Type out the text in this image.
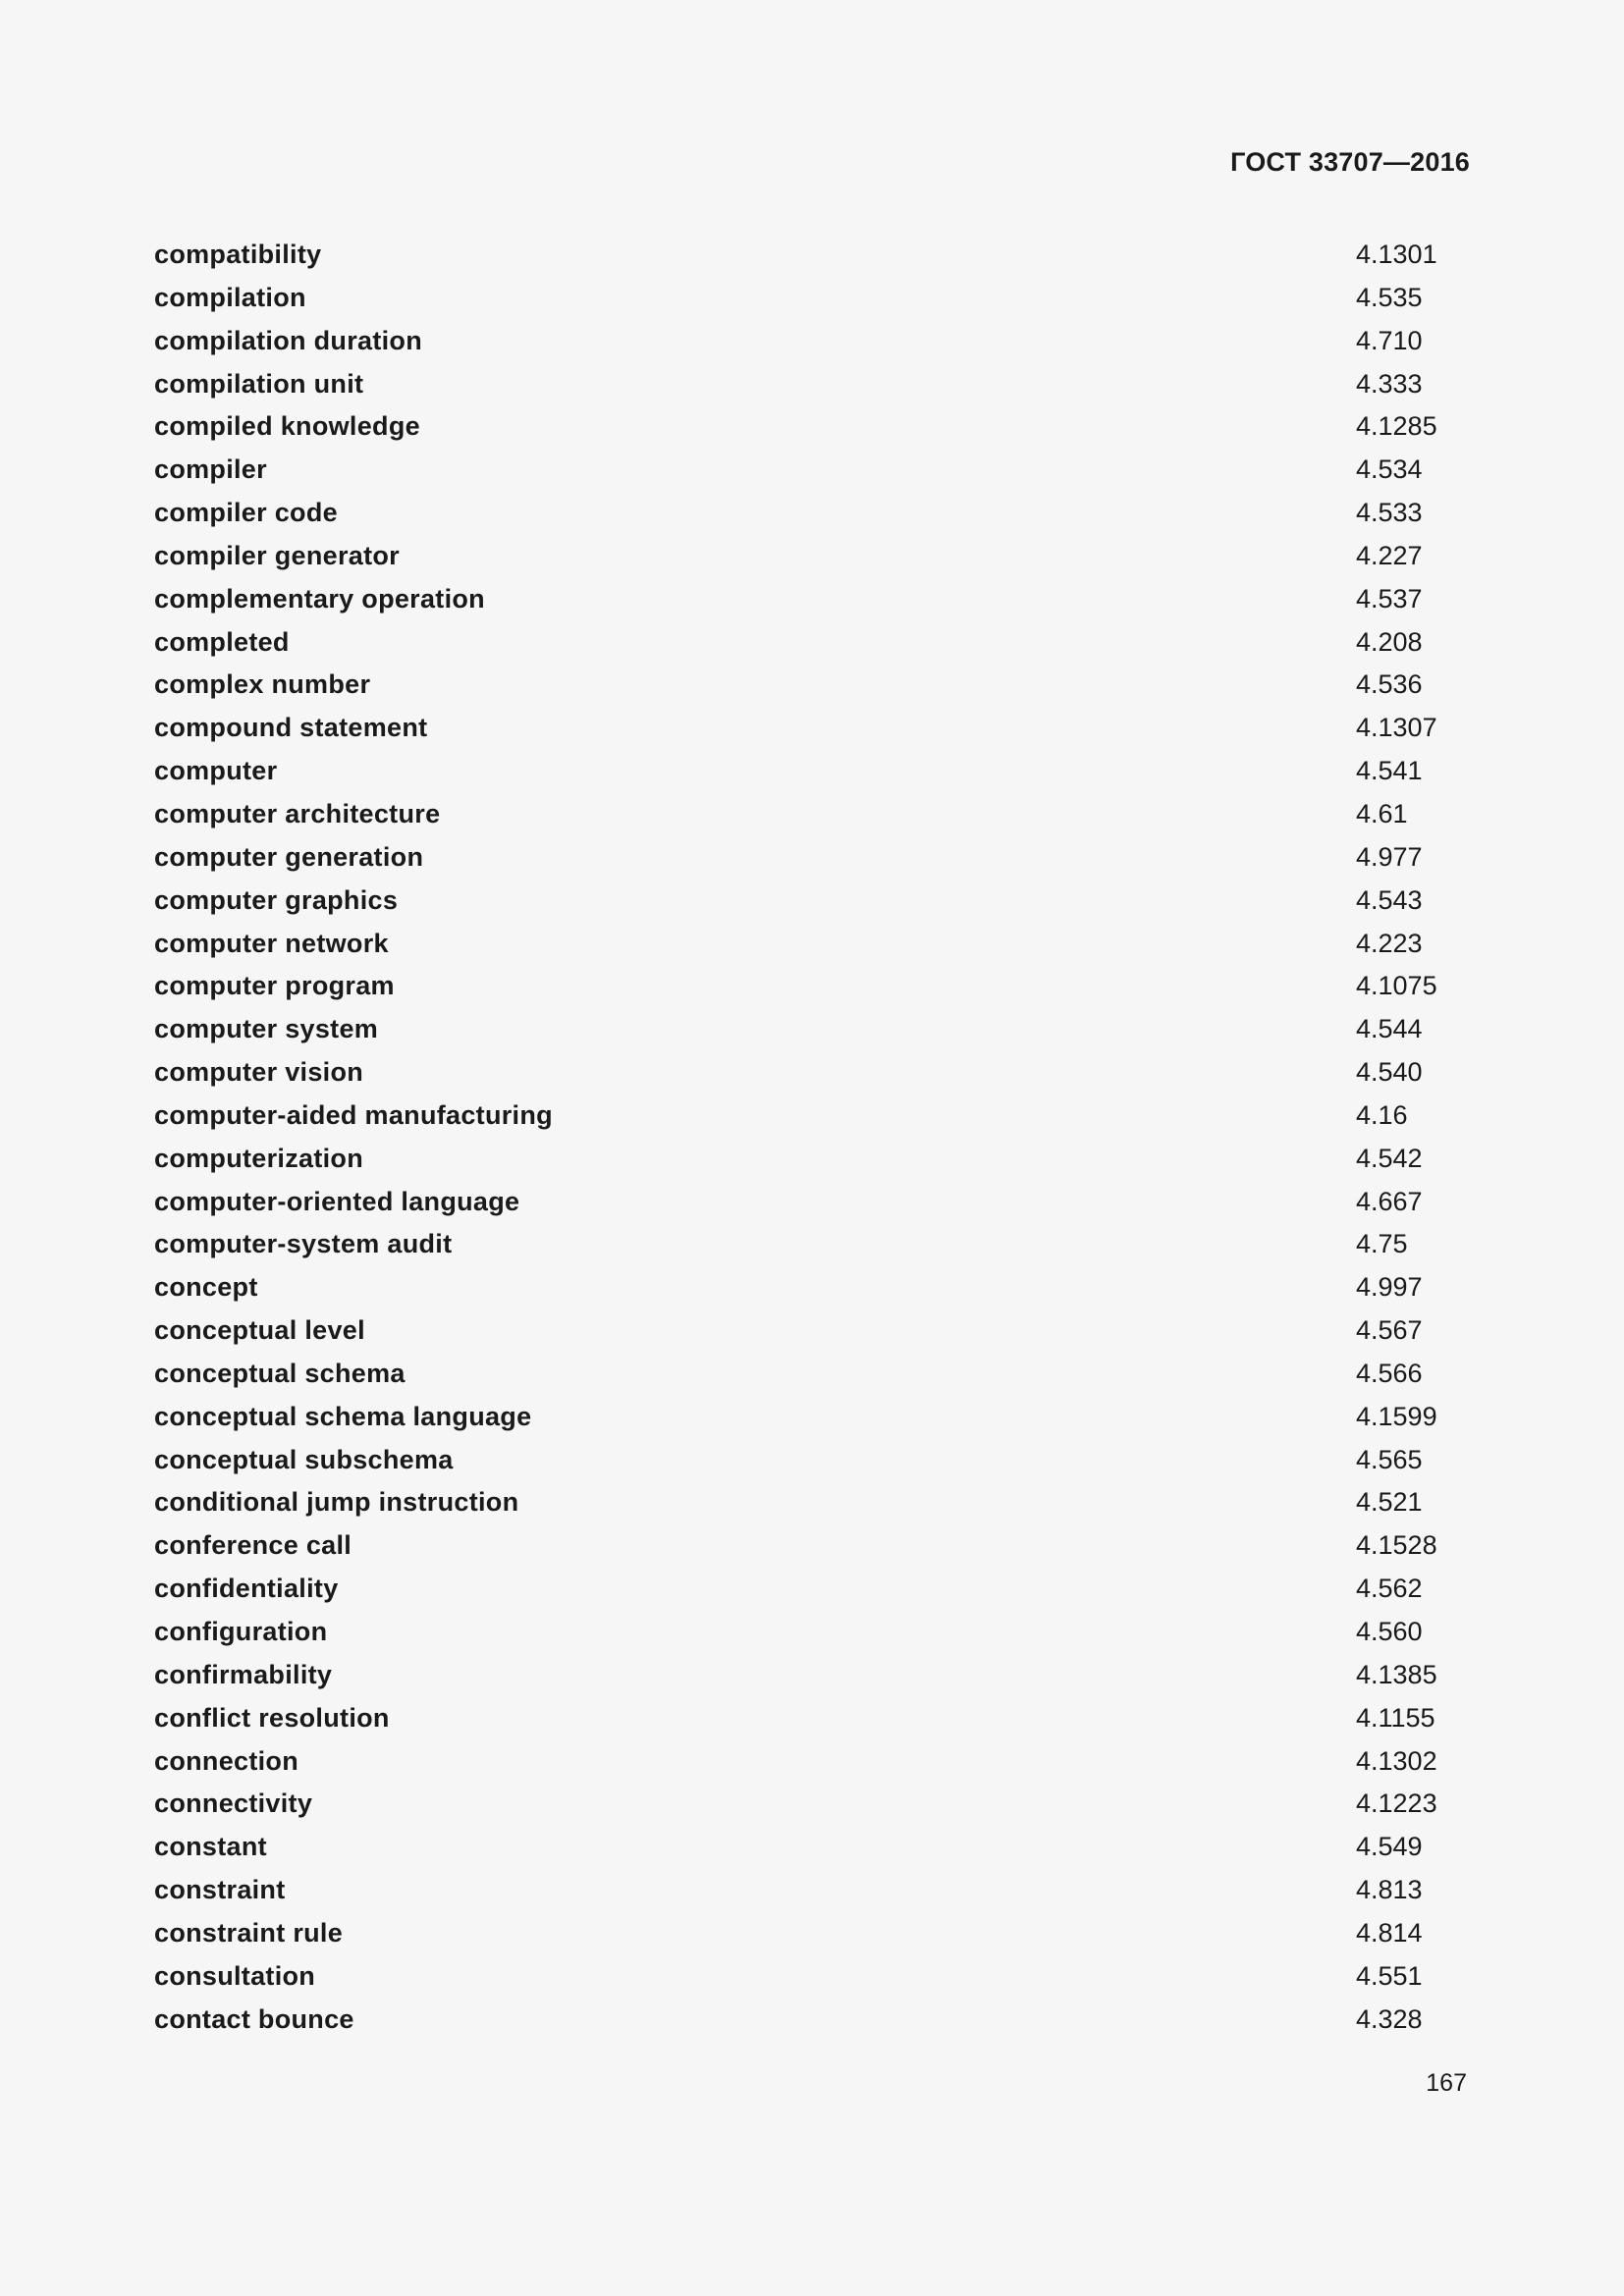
ГОСТ 33707—2016
compatibility	4.1301
compilation	4.535
compilation duration	4.710
compilation unit	4.333
compiled knowledge	4.1285
compiler	4.534
compiler code	4.533
compiler generator	4.227
complementary operation	4.537
completed	4.208
complex number	4.536
compound statement	4.1307
computer	4.541
computer architecture	4.61
computer generation	4.977
computer graphics	4.543
computer network	4.223
computer program	4.1075
computer system	4.544
computer vision	4.540
computer-aided manufacturing	4.16
computerization	4.542
computer-oriented language	4.667
computer-system audit	4.75
concept	4.997
conceptual level	4.567
conceptual schema	4.566
conceptual schema language	4.1599
conceptual subschema	4.565
conditional jump instruction	4.521
conference call	4.1528
confidentiality	4.562
configuration	4.560
confirmability	4.1385
conflict resolution	4.1155
connection	4.1302
connectivity	4.1223
constant	4.549
constraint	4.813
constraint rule	4.814
consultation	4.551
contact bounce	4.328
167
